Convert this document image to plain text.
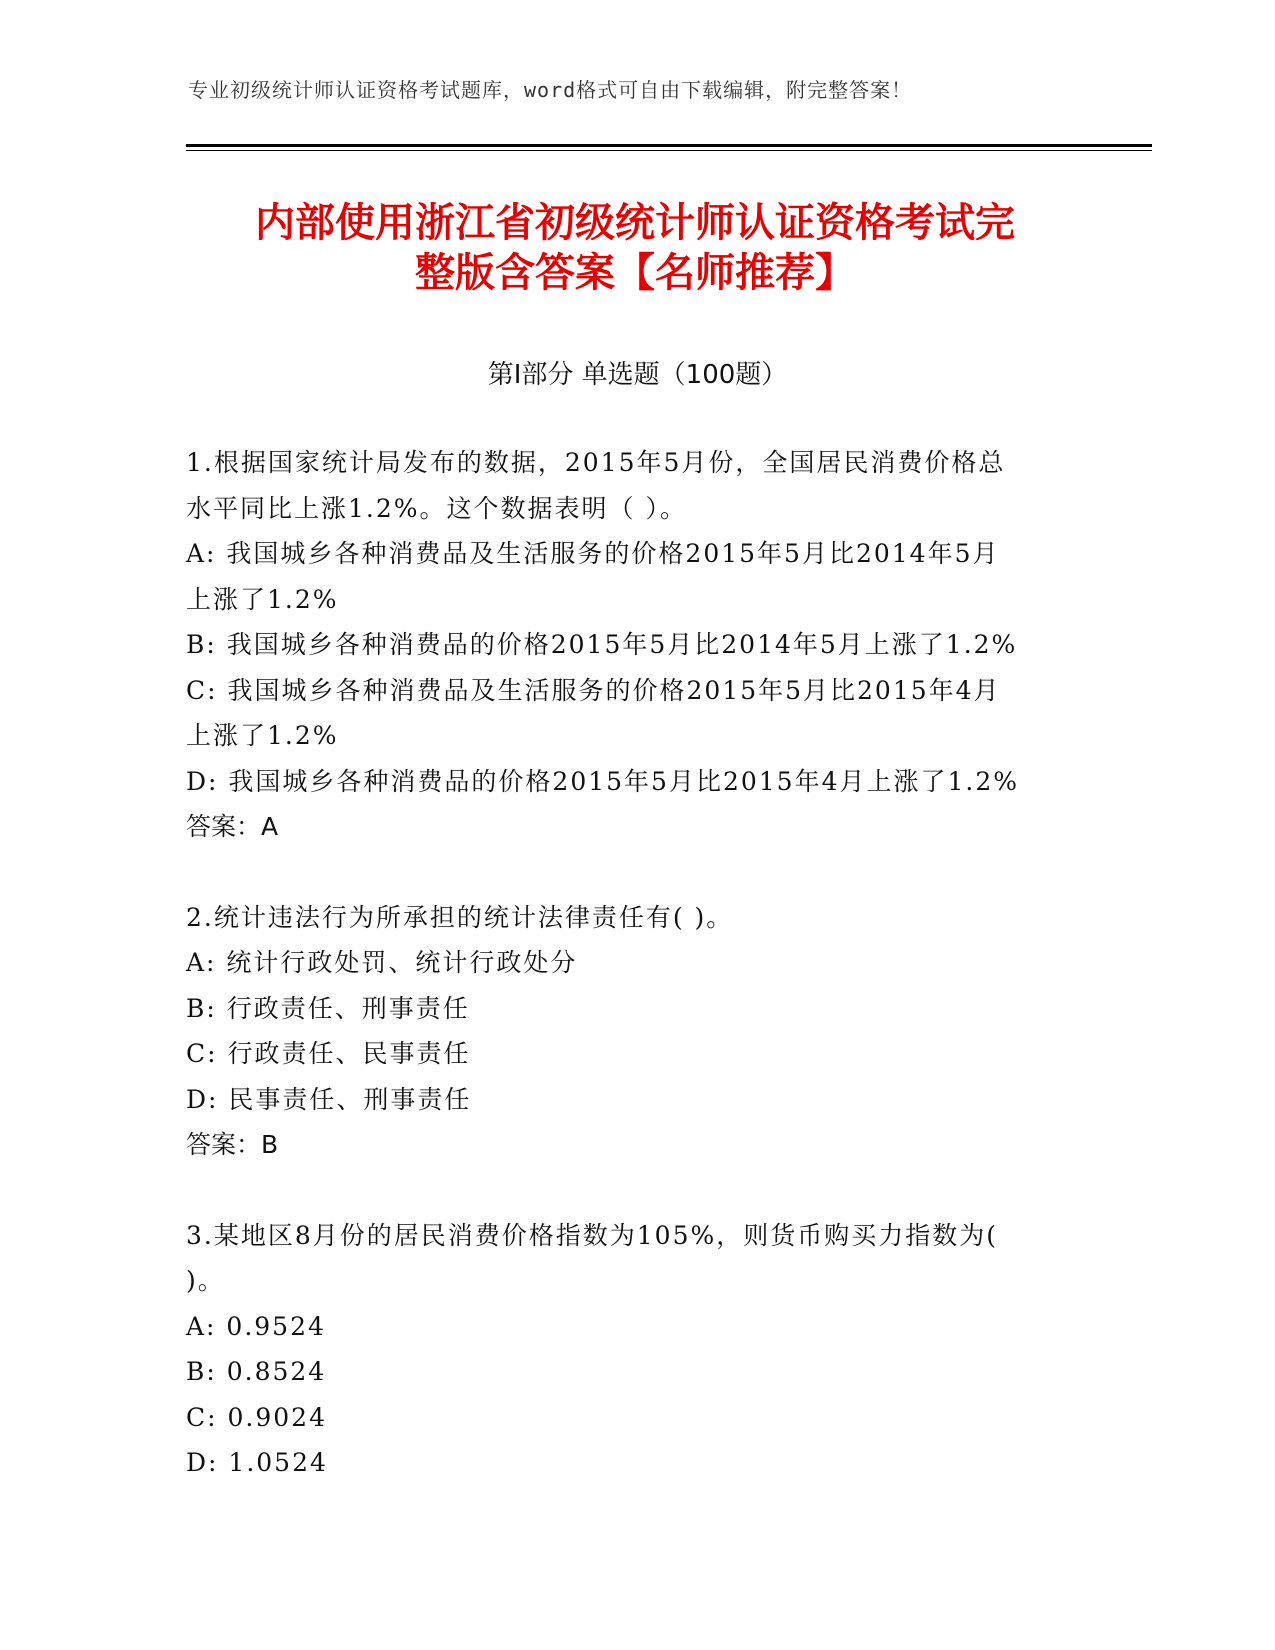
专业初级统计师认证资格考试题库，word格式可自由下载编辑，附完整答案！
内部使用浙江省初级统计师认证资格考试完
整版含答案【名师推荐】
第Ⅰ部分 单选题（100题）
1.根据国家统计局发布的数据，2015年5月份，全国居民消费价格总
水平同比上涨1.2%。这个数据表明（ ）。
A: 我国城乡各种消费品及生活服务的价格2015年5月比2014年5月
上涨了1.2%
B: 我国城乡各种消费品的价格2015年5月比2014年5月上涨了1.2%
C: 我国城乡各种消费品及生活服务的价格2015年5月比2015年4月
上涨了1.2%
D: 我国城乡各种消费品的价格2015年5月比2015年4月上涨了1.2%
答案：A
2.统计违法行为所承担的统计法律责任有( )。
A: 统计行政处罚、统计行政处分
B: 行政责任、刑事责任
C: 行政责任、民事责任
D: 民事责任、刑事责任
答案：B
3.某地区8月份的居民消费价格指数为105%，则货币购买力指数为(
)。
A: 0.9524
B: 0.8524
C: 0.9024
D: 1.0524
